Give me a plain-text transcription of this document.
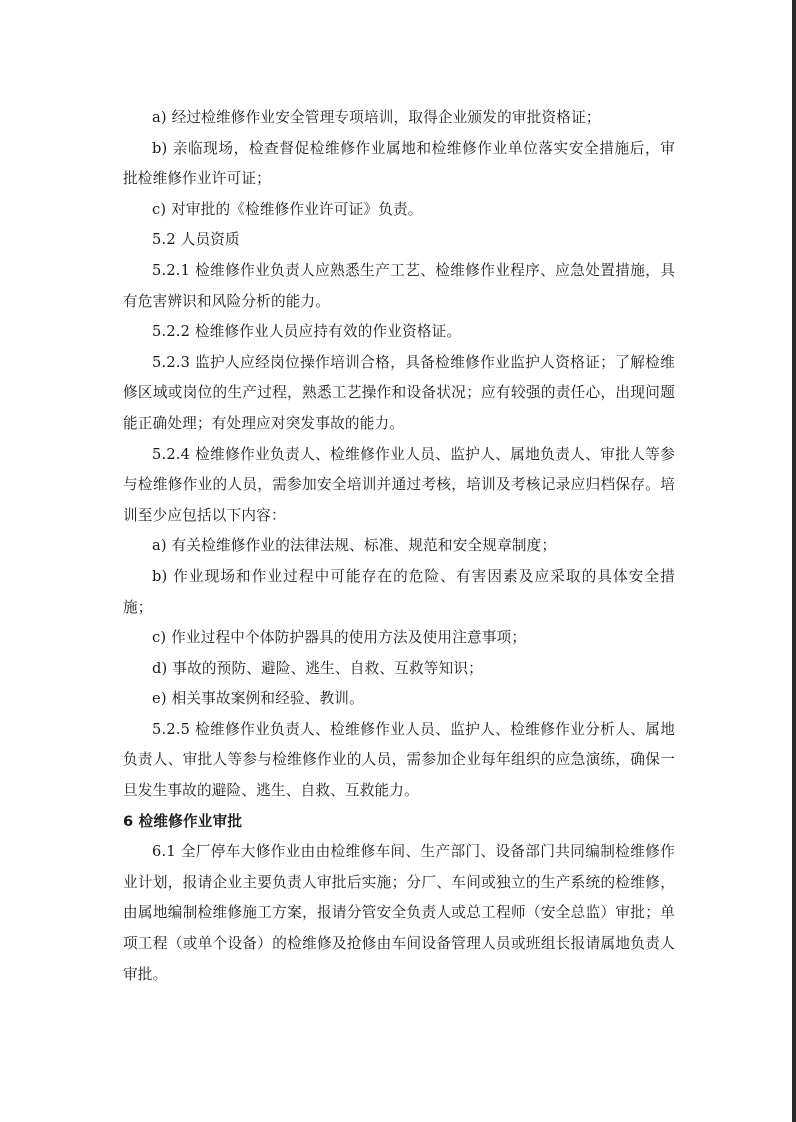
a) 经过检维修作业安全管理专项培训，取得企业颁发的审批资格证；

b) 亲临现场，检查督促检维修作业属地和检维修作业单位落实安全措施后，审批检维修作业许可证；

c) 对审批的《检维修作业许可证》负责。

5.2 人员资质

5.2.1 检维修作业负责人应熟悉生产工艺、检维修作业程序、应急处置措施，具有危害辨识和风险分析的能力。

5.2.2 检维修作业人员应持有效的作业资格证。

5.2.3 监护人应经岗位操作培训合格，具备检维修作业监护人资格证；了解检维修区域或岗位的生产过程，熟悉工艺操作和设备状况；应有较强的责任心，出现问题能正确处理；有处理应对突发事故的能力。

5.2.4 检维修作业负责人、检维修作业人员、监护人、属地负责人、审批人等参与检维修作业的人员，需参加安全培训并通过考核，培训及考核记录应归档保存。培训至少应包括以下内容：

a) 有关检维修作业的法律法规、标准、规范和安全规章制度；

b) 作业现场和作业过程中可能存在的危险、有害因素及应采取的具体安全措施；

c) 作业过程中个体防护器具的使用方法及使用注意事项；

d) 事故的预防、避险、逃生、自救、互救等知识；

e) 相关事故案例和经验、教训。

5.2.5 检维修作业负责人、检维修作业人员、监护人、检维修作业分析人、属地负责人、审批人等参与检维修作业的人员，需参加企业每年组织的应急演练，确保一旦发生事故的避险、逃生、自救、互救能力。

6 检维修作业审批

6.1 全厂停车大修作业由由检维修车间、生产部门、设备部门共同编制检维修作业计划，报请企业主要负责人审批后实施；分厂、车间或独立的生产系统的检维修，由属地编制检维修施工方案，报请分管安全负责人或总工程师（安全总监）审批；单项工程（或单个设备）的检维修及抢修由车间设备管理人员或班组长报请属地负责人审批。
